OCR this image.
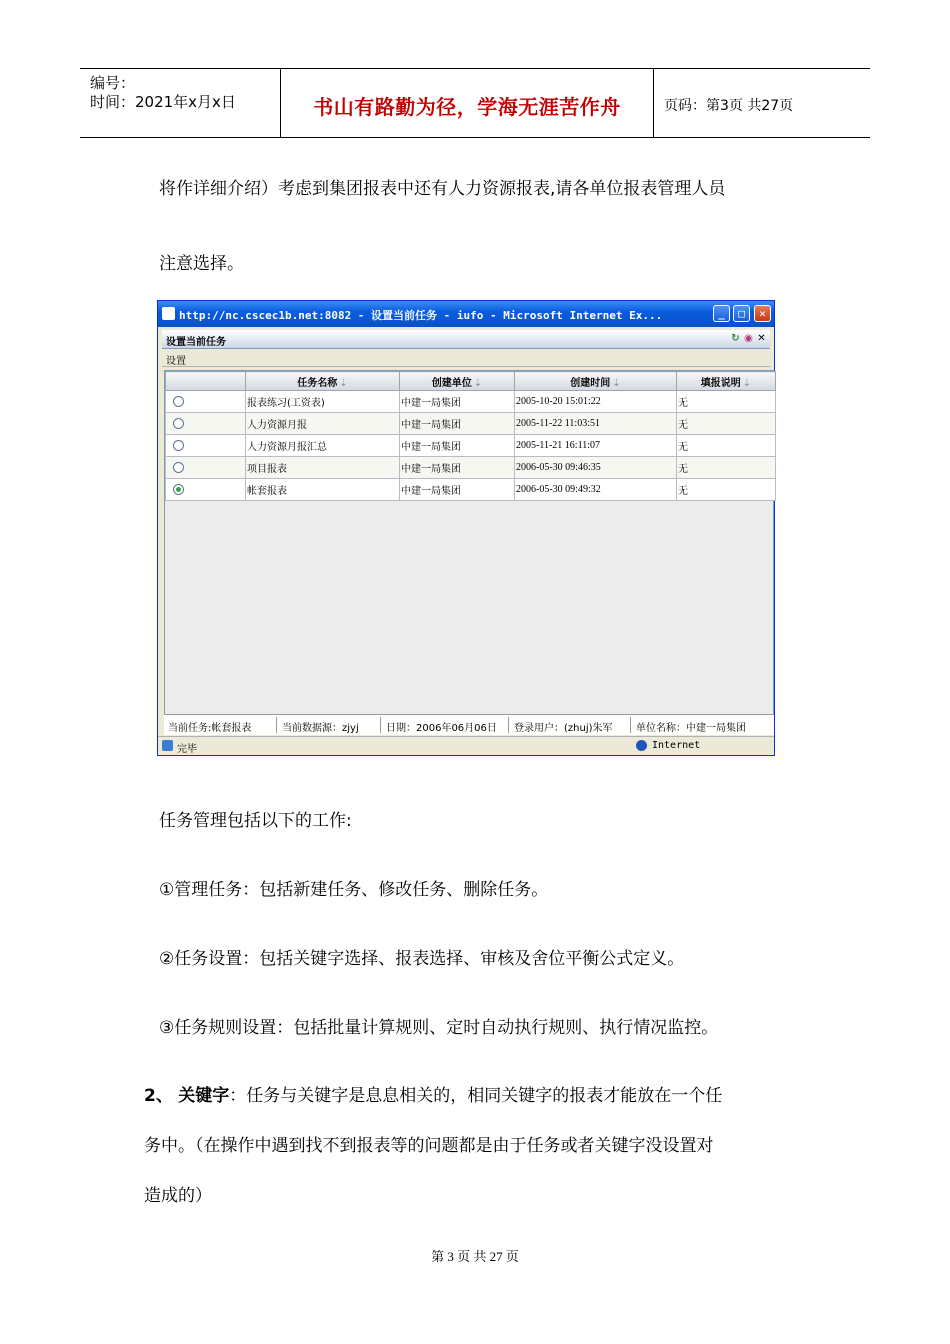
编号：
时间：2021年x月x日	书山有路勤为径，学海无涯苦作舟	页码：第3页 共27页
将作详细介绍）考虑到集团报表中还有人力资源报表,请各单位报表管理人员
注意选择。
http://nc.cscec1b.net:8082 - 设置当前任务 - iufo - Microsoft Internet Ex...	_	□	✕
设置当前任务	↻ ◉ ✕
设置
	任务名称 ⇣	创建单位 ⇣	创建时间 ⇣	填报说明 ⇣
	报表练习(工资表)	中建一局集团	2005-10-20 15:01:22	无
	人力资源月报	中建一局集团	2005-11-22 11:03:51	无
	人力资源月报汇总	中建一局集团	2005-11-21 16:11:07	无
	项目报表	中建一局集团	2006-05-30 09:46:35	无
	帐套报表	中建一局集团	2006-05-30 09:49:32	无
当前任务:帐套报表	当前数据源：zjyj	日期：2006年06月06日 登录用户：(zhuj)朱军 单位名称：中建一局集团
完毕	Internet
任务管理包括以下的工作:
①管理任务：包括新建任务、修改任务、删除任务。
②任务设置：包括关键字选择、报表选择、审核及舍位平衡公式定义。
③任务规则设置：包括批量计算规则、定时自动执行规则、执行情况监控。
2、 关键字：任务与关键字是息息相关的，相同关键字的报表才能放在一个任
务中。（在操作中遇到找不到报表等的问题都是由于任务或者关键字没设置对
造成的）
第 3 页 共 27 页
